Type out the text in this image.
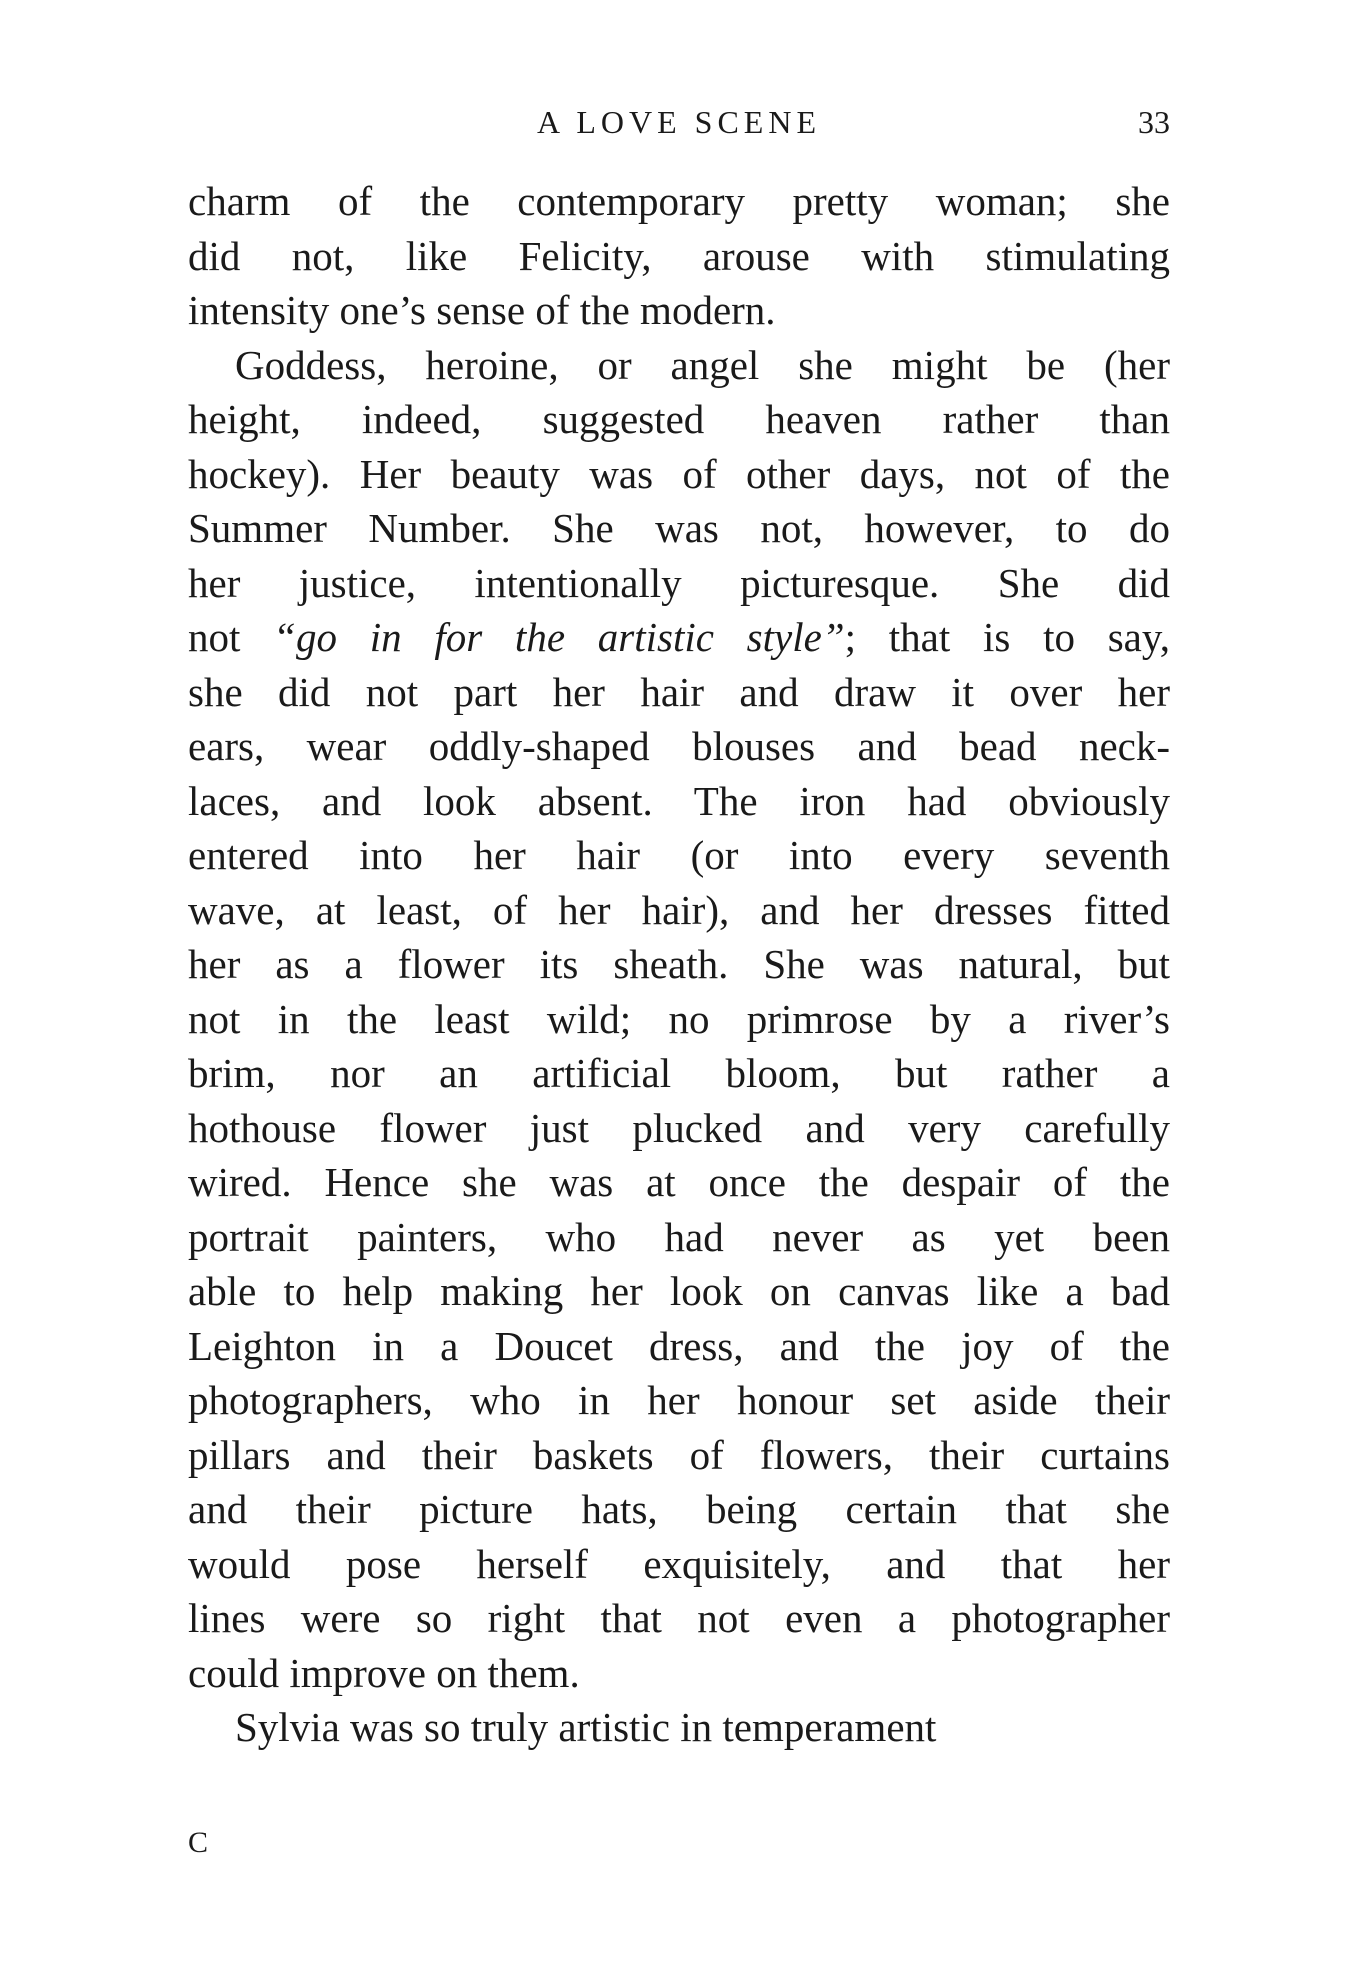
A LOVE SCENE	33
charm of the contemporary pretty woman; she
did not, like Felicity, arouse with stimulating
intensity one’s sense of the modern.
Goddess, heroine, or angel she might be (her
height, indeed, suggested heaven rather than
hockey). Her beauty was of other days, not of the
Summer Number. She was not, however, to do
her justice, intentionally picturesque. She did
not “go in for the artistic style”; that is to say,
she did not part her hair and draw it over her
ears, wear oddly-shaped blouses and bead neck-
laces, and look absent. The iron had obviously
entered into her hair (or into every seventh
wave, at least, of her hair), and her dresses fitted
her as a flower its sheath. She was natural, but
not in the least wild; no primrose by a river’s
brim, nor an artificial bloom, but rather a
hothouse flower just plucked and very carefully
wired. Hence she was at once the despair of the
portrait painters, who had never as yet been
able to help making her look on canvas like a bad
Leighton in a Doucet dress, and the joy of the
photographers, who in her honour set aside their
pillars and their baskets of flowers, their curtains
and their picture hats, being certain that she
would pose herself exquisitely, and that her
lines were so right that not even a photographer
could improve on them.
Sylvia was so truly artistic in temperament
C
